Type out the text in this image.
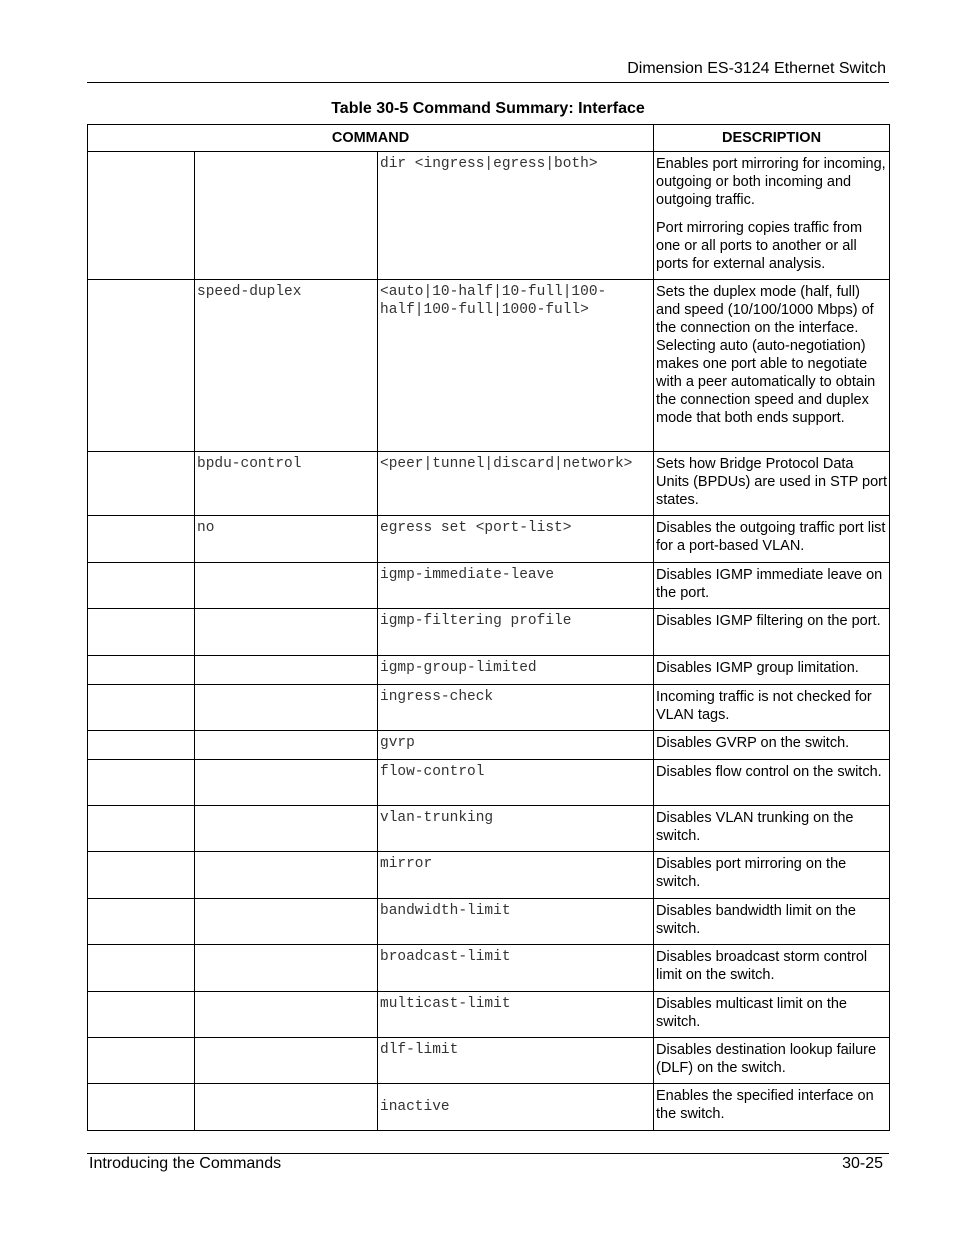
Dimension ES-3124 Ethernet Switch
Table 30-5 Command Summary: Interface
COMMAND			DESCRIPTION
		dir <ingress|egress|both>	Enables port mirroring for incoming, outgoing or both incoming and outgoing traffic.

Port mirroring copies traffic from one or all ports to another or all ports for external analysis.

	speed-duplex	<auto|10-half|10-full|100-half|100-full|1000-full>	Sets the duplex mode (half, full) and speed (10/100/1000 Mbps) of the connection on the interface. Selecting auto (auto-negotiation) makes one port able to negotiate with a peer automatically to obtain the connection speed and duplex mode that both ends support.

	bpdu-control	<peer|tunnel|discard|network>	Sets how Bridge Protocol Data Units (BPDUs) are used in STP port states.

	no	egress set <port-list>	Disables the outgoing traffic port list for a port-based VLAN.

		igmp-immediate-leave	Disables IGMP immediate leave on the port.

		igmp-filtering profile	Disables IGMP filtering on the port.

		igmp-group-limited	Disables IGMP group limitation.

		ingress-check	Incoming traffic is not checked for VLAN tags.

		gvrp	Disables GVRP on the switch.

		flow-control	Disables flow control on the switch.

		vlan-trunking	Disables VLAN trunking on the switch.

		mirror	Disables port mirroring on the switch.

		bandwidth-limit	Disables bandwidth limit on the switch.

		broadcast-limit	Disables broadcast storm control limit on the switch.

		multicast-limit	Disables multicast limit on the switch.

		dlf-limit	Disables destination lookup failure (DLF) on the switch.

		inactive	Enables the specified interface on the switch.

Introducing the Commands	30-25
